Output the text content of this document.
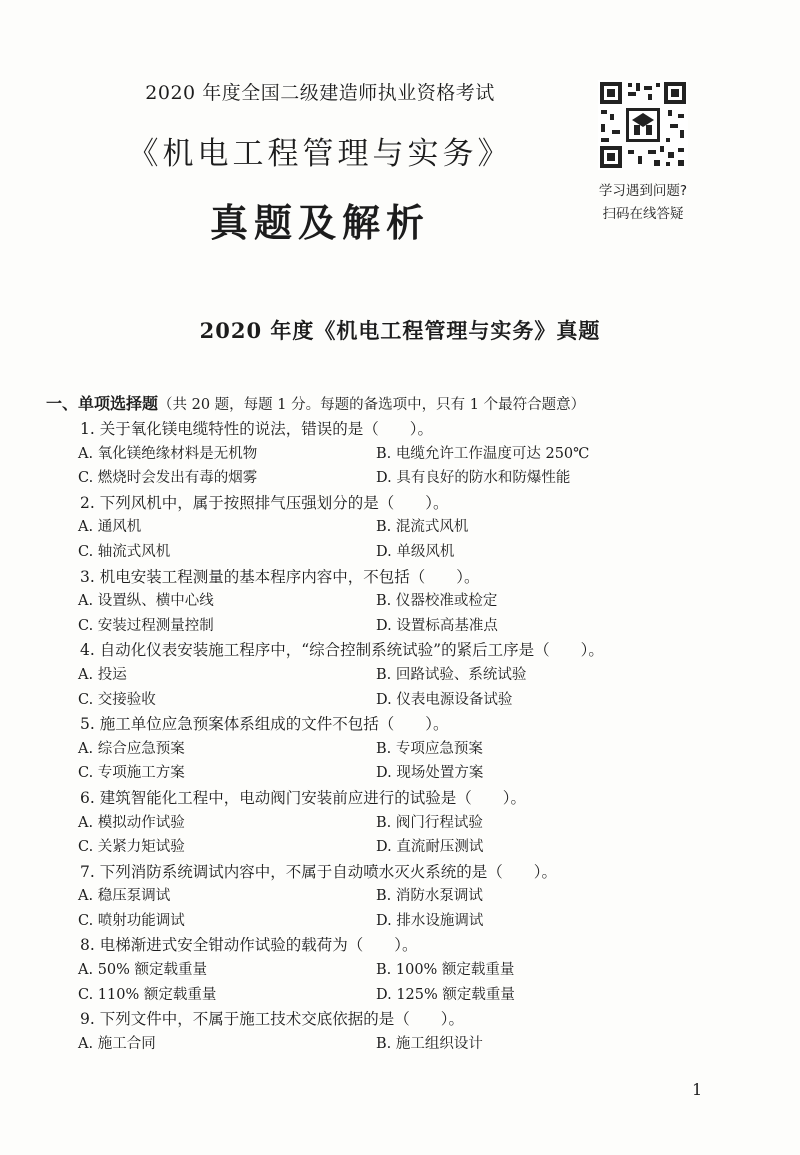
2020 年度全国二级建造师执业资格考试
《机电工程管理与实务》
真题及解析
学习遇到问题?
扫码在线答疑
2020 年度《机电工程管理与实务》真题
一、单项选择题（共 20 题，每题 1 分。每题的备选项中，只有 1 个最符合题意）
1. 关于氧化镁电缆特性的说法，错误的是（　　）。
A. 氧化镁绝缘材料是无机物	B. 电缆允许工作温度可达 250℃
C. 燃烧时会发出有毒的烟雾	D. 具有良好的防水和防爆性能
2. 下列风机中，属于按照排气压强划分的是（　　）。
A. 通风机	B. 混流式风机
C. 轴流式风机	D. 单级风机
3. 机电安装工程测量的基本程序内容中，不包括（　　）。
A. 设置纵、横中心线	B. 仪器校准或检定
C. 安装过程测量控制	D. 设置标高基准点
4. 自动化仪表安装施工程序中，“综合控制系统试验”的紧后工序是（　　）。
A. 投运	B. 回路试验、系统试验
C. 交接验收	D. 仪表电源设备试验
5. 施工单位应急预案体系组成的文件不包括（　　）。
A. 综合应急预案	B. 专项应急预案
C. 专项施工方案	D. 现场处置方案
6. 建筑智能化工程中，电动阀门安装前应进行的试验是（　　）。
A. 模拟动作试验	B. 阀门行程试验
C. 关紧力矩试验	D. 直流耐压测试
7. 下列消防系统调试内容中，不属于自动喷水灭火系统的是（　　）。
A. 稳压泵调试	B. 消防水泵调试
C. 喷射功能调试	D. 排水设施调试
8. 电梯渐进式安全钳动作试验的载荷为（　　）。
A. 50% 额定载重量	B. 100% 额定载重量
C. 110% 额定载重量	D. 125% 额定载重量
9. 下列文件中，不属于施工技术交底依据的是（　　）。
A. 施工合同	B. 施工组织设计
1
